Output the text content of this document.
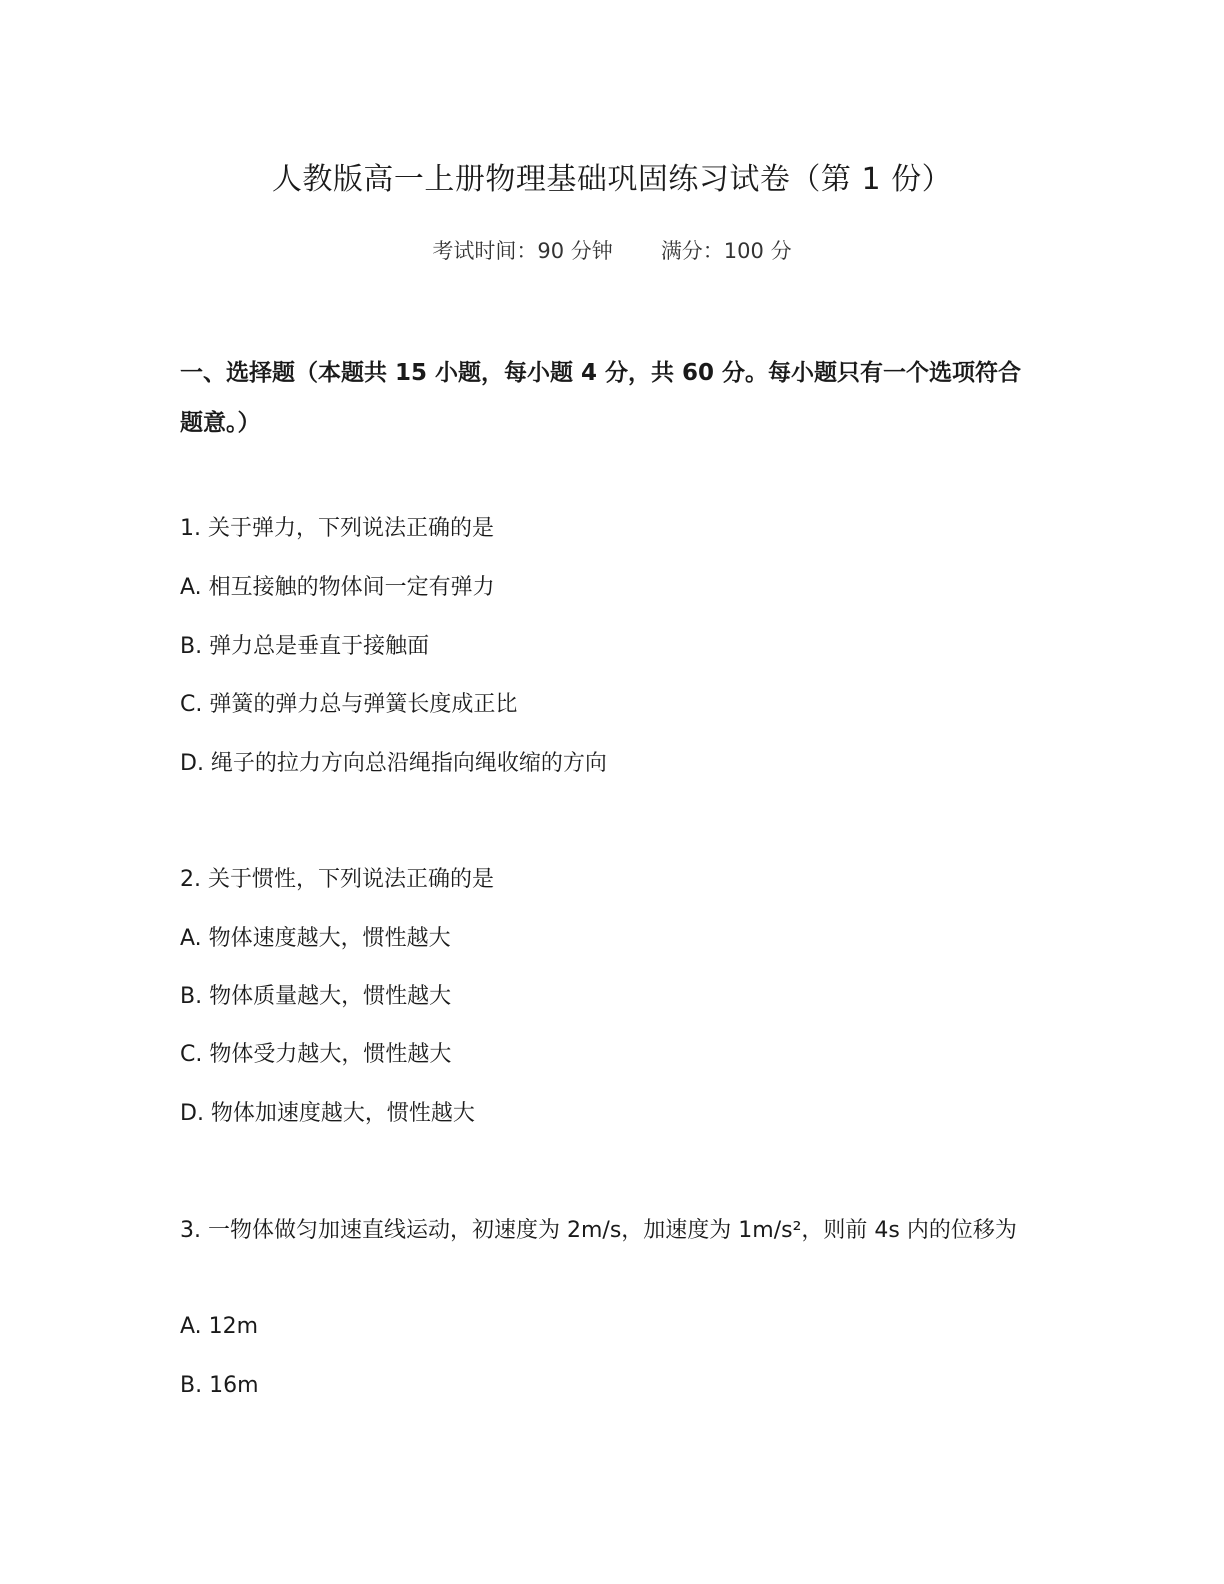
人教版高一上册物理基础巩固练习试卷（第 1 份）
考试时间：90 分钟 满分：100 分
一、选择题（本题共 15 小题，每小题 4 分，共 60 分。每小题只有一个选项符合题意。）
1. 关于弹力，下列说法正确的是
A. 相互接触的物体间一定有弹力
B. 弹力总是垂直于接触面
C. 弹簧的弹力总与弹簧长度成正比
D. 绳子的拉力方向总沿绳指向绳收缩的方向
2. 关于惯性，下列说法正确的是
A. 物体速度越大，惯性越大
B. 物体质量越大，惯性越大
C. 物体受力越大，惯性越大
D. 物体加速度越大，惯性越大
3. 一物体做匀加速直线运动，初速度为 2m/s，加速度为 1m/s²，则前 4s 内的位移为
A. 12m
B. 16m
